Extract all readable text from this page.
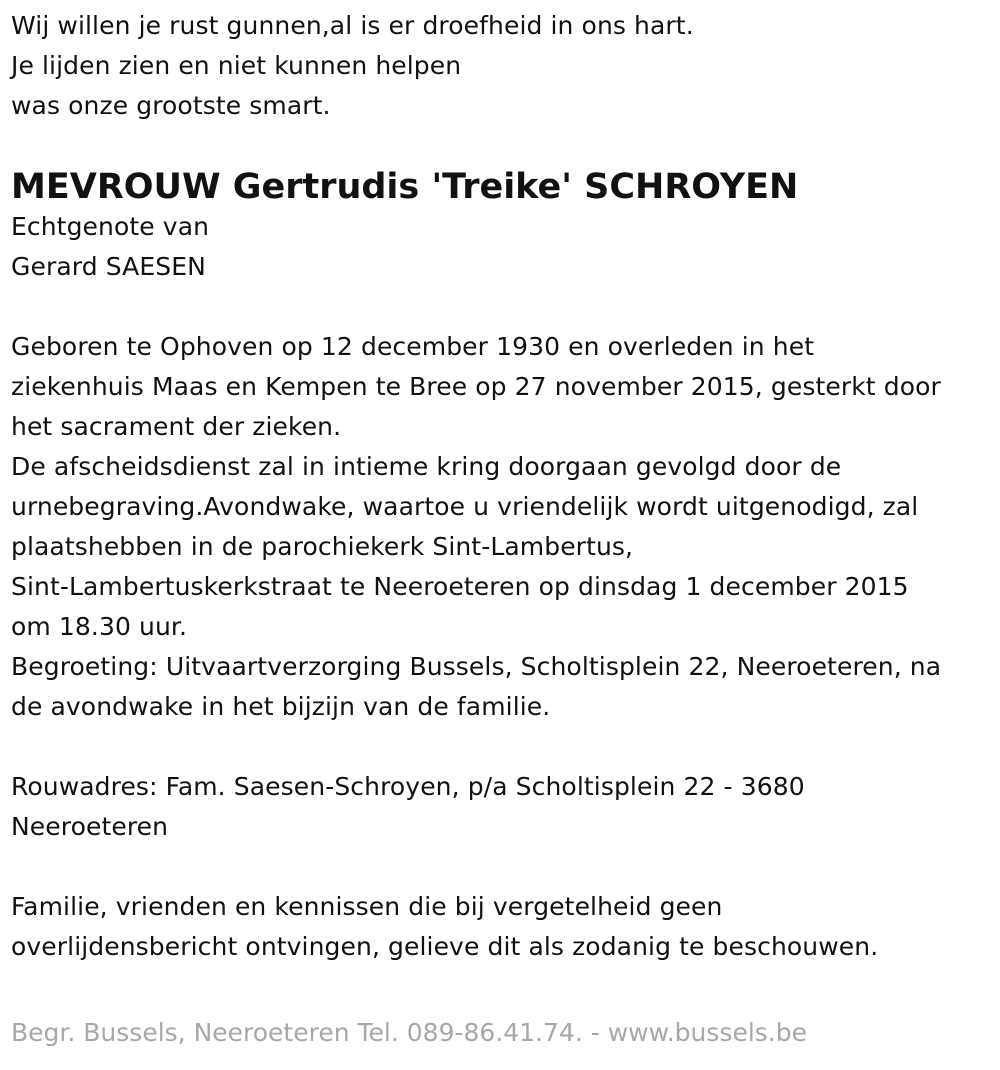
Wij willen je rust gunnen,al is er droefheid in ons hart.
Je lijden zien en niet kunnen helpen
was onze grootste smart.
MEVROUW Gertrudis 'Treike' SCHROYEN
Echtgenote van
Gerard SAESEN
Geboren te Ophoven op 12 december 1930 en overleden in het
ziekenhuis Maas en Kempen te Bree op 27 november 2015, gesterkt door
het sacrament der zieken.
De afscheidsdienst zal in intieme kring doorgaan gevolgd door de
urnebegraving.Avondwake, waartoe u vriendelijk wordt uitgenodigd, zal
plaatshebben in de parochiekerk Sint-Lambertus,
Sint-Lambertuskerkstraat te Neeroeteren op dinsdag 1 december 2015
om 18.30 uur.
Begroeting: Uitvaartverzorging Bussels, Scholtisplein 22, Neeroeteren, na
de avondwake in het bijzijn van de familie.
Rouwadres: Fam. Saesen-Schroyen, p/a Scholtisplein 22 - 3680
Neeroeteren
Familie, vrienden en kennissen die bij vergetelheid geen
overlijdensbericht ontvingen, gelieve dit als zodanig te beschouwen.
Begr. Bussels, Neeroeteren Tel. 089-86.41.74. - www.bussels.be
